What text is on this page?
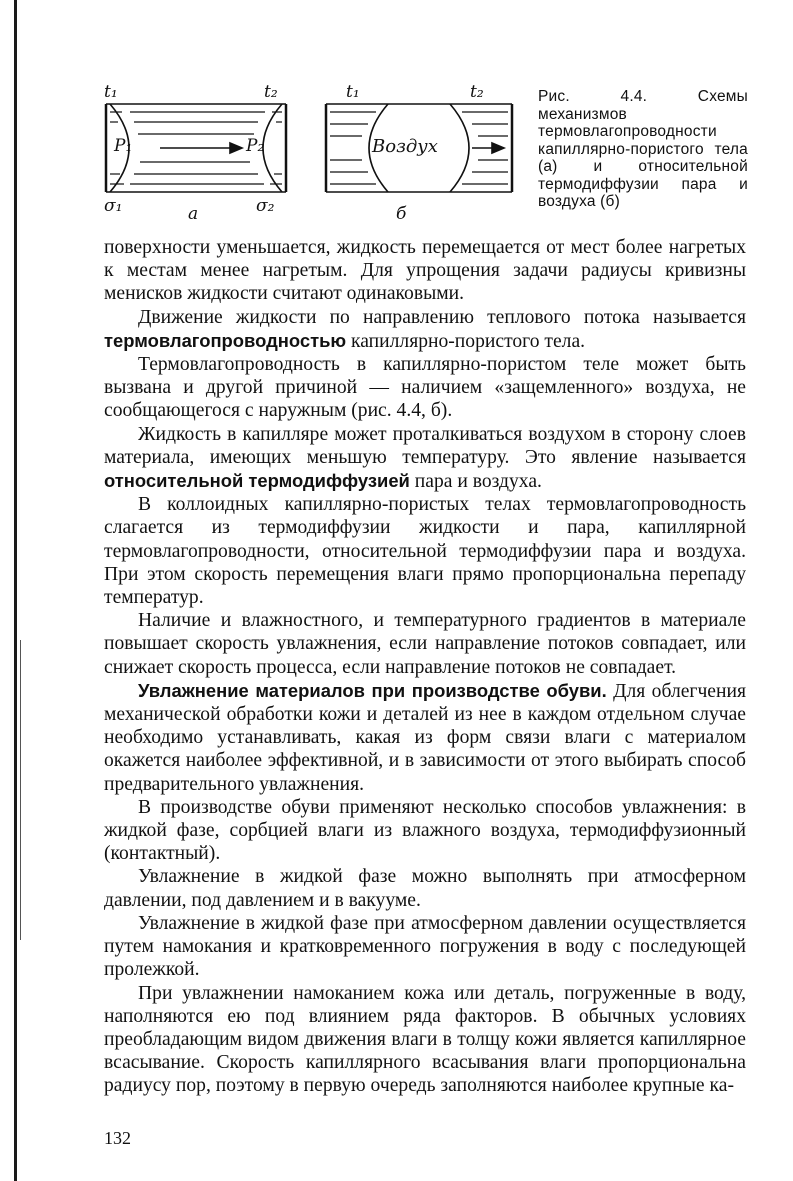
t₁	t₂
P₁	P₂
σ₁	σ₂
а
t₁	t₂
Воздух
б
Рис. 4.4. Схемы механизмов термовлагопроводности капиллярно-пористого тела (а) и относительной термодиффузии пара и воздуха (б)

поверхности уменьшается, жидкость перемещается от мест более нагретых к местам менее нагретым. Для упрощения задачи радиусы кривизны менисков жидкости считают одинаковыми.

Движение жидкости по направлению теплового потока называется термовлагопроводностью капиллярно-пористого тела.

Термовлагопроводность в капиллярно-пористом теле может быть вызвана и другой причиной — наличием «защемленного» воздуха, не сообщающегося с наружным (рис. 4.4, б).

Жидкость в капилляре может проталкиваться воздухом в сторону слоев материала, имеющих меньшую температуру. Это явление называется относительной термодиффузией пара и воздуха.

В коллоидных капиллярно-пористых телах термовлагопроводность слагается из термодиффузии жидкости и пара, капиллярной термовлагопроводности, относительной термодиффузии пара и воздуха. При этом скорость перемещения влаги прямо пропорциональна перепаду температур.

Наличие и влажностного, и температурного градиентов в материале повышает скорость увлажнения, если направление потоков совпадает, или снижает скорость процесса, если направление потоков не совпадает.

Увлажнение материалов при производстве обуви. Для облегчения механической обработки кожи и деталей из нее в каждом отдельном случае необходимо устанавливать, какая из форм связи влаги с материалом окажется наиболее эффективной, и в зависимости от этого выбирать способ предварительного увлажнения.

В производстве обуви применяют несколько способов увлажнения: в жидкой фазе, сорбцией влаги из влажного воздуха, термодиффузионный (контактный).

Увлажнение в жидкой фазе можно выполнять при атмосферном давлении, под давлением и в вакууме.

Увлажнение в жидкой фазе при атмосферном давлении осуществляется путем намокания и кратковременного погружения в воду с последующей пролежкой.

При увлажнении намоканием кожа или деталь, погруженные в воду, наполняются ею под влиянием ряда факторов. В обычных условиях преобладающим видом движения влаги в толщу кожи является капиллярное всасывание. Скорость капиллярного всасывания влаги пропорциональна радиусу пор, поэтому в первую очередь заполняются наиболее крупные ка-

132
